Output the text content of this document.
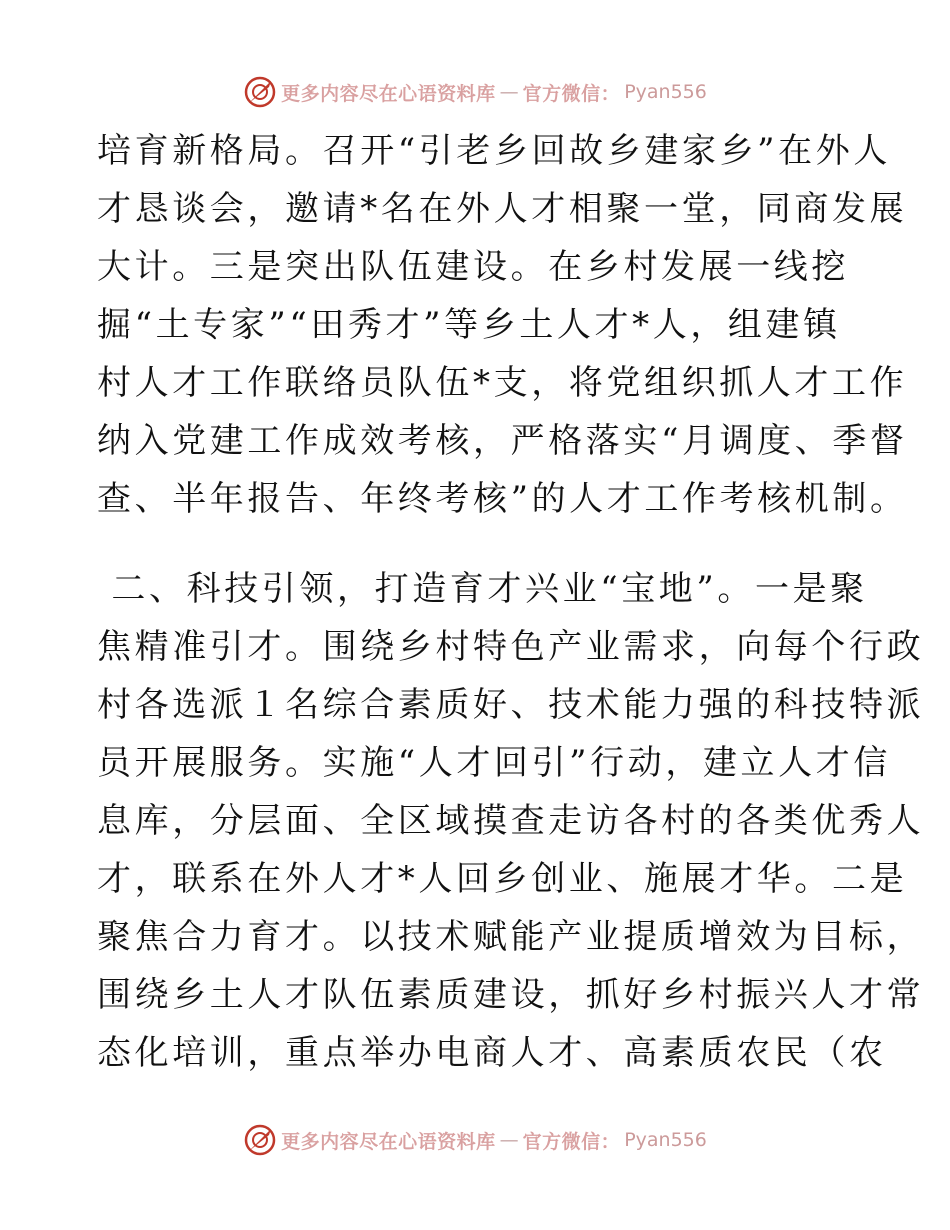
更多内容尽在心语资料库 — 官方微信： Pyan556
培育新格局。召开“引老乡回故乡建家乡”在外人
才恳谈会，邀请*名在外人才相聚一堂，同商发展
大计。三是突出队伍建设。在乡村发展一线挖
掘“土专家”“田秀才”等乡土人才*人，组建镇
村人才工作联络员队伍*支，将党组织抓人才工作
纳入党建工作成效考核，严格落实“月调度、季督
查、半年报告、年终考核”的人才工作考核机制。
二、科技引领，打造育才兴业“宝地”。一是聚
焦精准引才。围绕乡村特色产业需求，向每个行政
村各选派１名综合素质好、技术能力强的科技特派
员开展服务。实施“人才回引”行动，建立人才信
息库，分层面、全区域摸查走访各村的各类优秀人
才，联系在外人才*人回乡创业、施展才华。二是
聚焦合力育才。以技术赋能产业提质增效为目标，
围绕乡土人才队伍素质建设，抓好乡村振兴人才常
态化培训，重点举办电商人才、高素质农民（农
更多内容尽在心语资料库 — 官方微信： Pyan556
